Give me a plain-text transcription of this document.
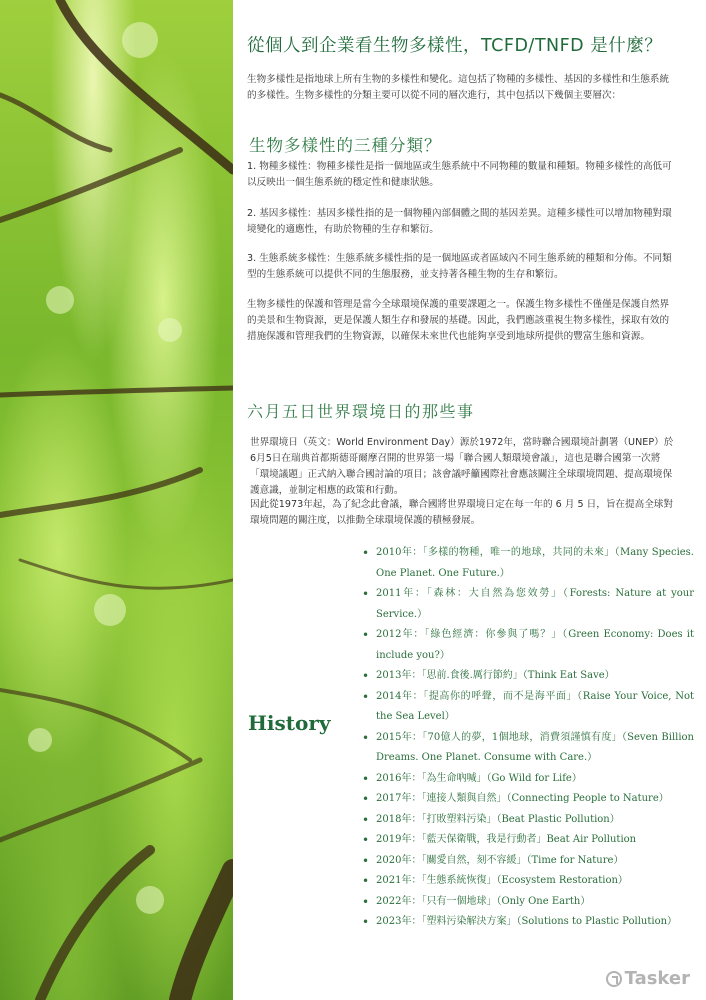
從個人到企業看生物多樣性，TCFD/TNFD 是什麼？

生物多樣性是指地球上所有生物的多樣性和變化。這包括了物種的多樣性、基因的多樣性和生態系統的多樣性。生物多樣性的分類主要可以從不同的層次進行，其中包括以下幾個主要層次：

生物多樣性的三種分類？

1. 物種多樣性：物種多樣性是指一個地區或生態系統中不同物種的數量和種類。物種多樣性的高低可以反映出一個生態系統的穩定性和健康狀態。

2. 基因多樣性：基因多樣性指的是一個物種內部個體之間的基因差異。這種多樣性可以增加物種對環境變化的適應性，有助於物種的生存和繁衍。

3. 生態系統多樣性：生態系統多樣性指的是一個地區或者區域內不同生態系統的種類和分佈。不同類型的生態系統可以提供不同的生態服務，並支持著各種生物的生存和繁衍。

生物多樣性的保護和管理是當今全球環境保護的重要課題之一。保護生物多樣性不僅僅是保護自然界的美景和生物資源，更是保護人類生存和發展的基礎。因此，我們應該重視生物多樣性，採取有效的措施保護和管理我們的生物資源，以確保未來世代也能夠享受到地球所提供的豐富生態和資源。

六月五日世界環境日的那些事

世界環境日（英文：World Environment Day）源於1972年，當時聯合國環境計劃署（UNEP）於6月5日在瑞典首都斯德哥爾摩召開的世界第一場「聯合國人類環境會議」，這也是聯合國第一次將「環境議題」正式納入聯合國討論的項目；該會議呼籲國際社會應該關注全球環境問題、提高環境保護意識，並制定相應的政策和行動。

因此從1973年起，為了紀念此會議，聯合國將世界環境日定在每一年的 6 月 5 日，旨在提高全球對環境問題的關注度，以推動全球環境保護的積極發展。

History
• 2010年：「多樣的物種，唯一的地球，共同的未來」（Many Species. One Planet. One Future.）
• 2011年：「森林：大自然為您效勞」（Forests: Nature at your Service.）
• 2012年：「綠色經濟：你參與了嗎？」（Green Economy: Does it include you?）
• 2013年：「思前.食後.厲行節約」（Think Eat Save）
• 2014年：「提高你的呼聲，而不是海平面」（Raise Your Voice, Not the Sea Level）
• 2015年：「70億人的夢，1個地球，消費須謹慎有度」（Seven Billion Dreams. One Planet. Consume with Care.）
• 2016年：「為生命吶喊」（Go Wild for Life）
• 2017年：「連接人類與自然」（Connecting People to Nature）
• 2018年：「打敗塑料污染」（Beat Plastic Pollution）
• 2019年：「藍天保衛戰，我是行動者」Beat Air Pollution
• 2020年：「關愛自然，刻不容緩」（Time for Nature）
• 2021年：「生態系統恢復」（Ecosystem Restoration）
• 2022年：「只有一個地球」（Only One Earth）
• 2023年：「塑料污染解決方案」（Solutions to Plastic Pollution）
Tasker
